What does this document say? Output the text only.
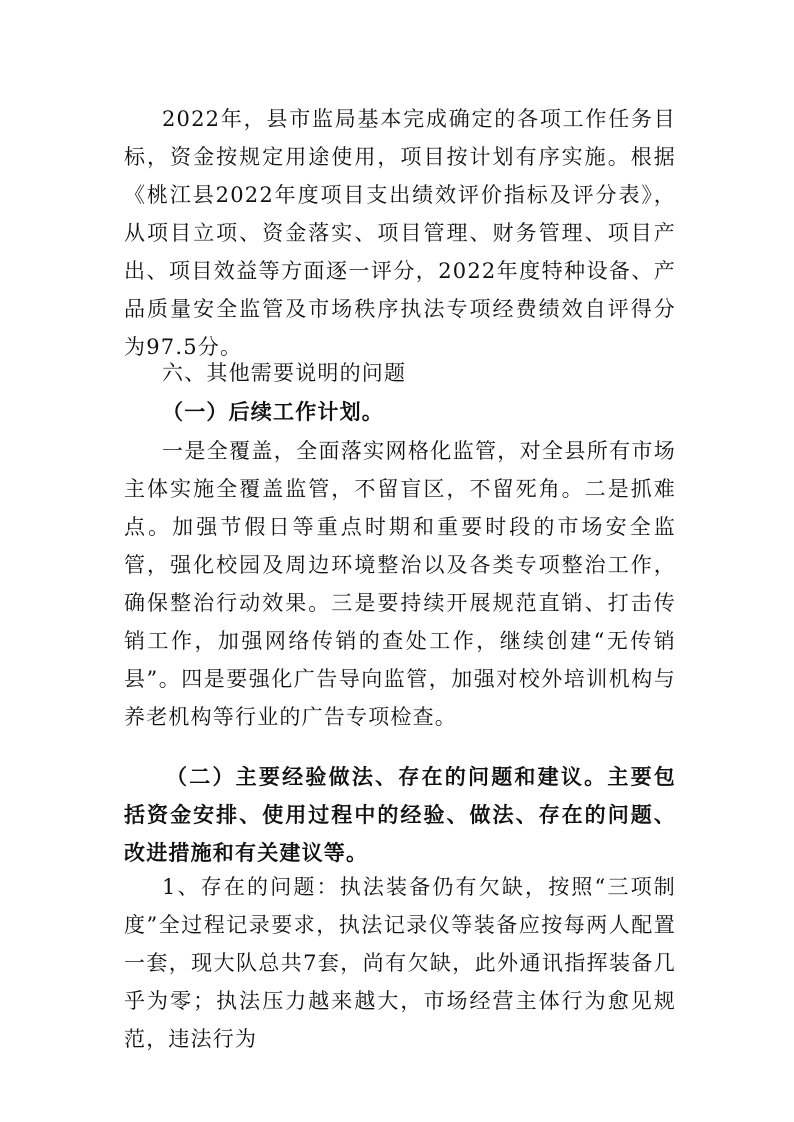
2022年，县市监局基本完成确定的各项工作任务目标，资金按规定用途使用，项目按计划有序实施。根据《桃江县2022年度项目支出绩效评价指标及评分表》，从项目立项、资金落实、项目管理、财务管理、项目产出、项目效益等方面逐一评分，2022年度特种设备、产品质量安全监管及市场秩序执法专项经费绩效自评得分为97.5分。

六、其他需要说明的问题

（一）后续工作计划。

一是全覆盖，全面落实网格化监管，对全县所有市场主体实施全覆盖监管，不留盲区，不留死角。二是抓难点。加强节假日等重点时期和重要时段的市场安全监管，强化校园及周边环境整治以及各类专项整治工作，确保整治行动效果。三是要持续开展规范直销、打击传销工作，加强网络传销的查处工作，继续创建“无传销县”。四是要强化广告导向监管，加强对校外培训机构与养老机构等行业的广告专项检查。

（二）主要经验做法、存在的问题和建议。主要包括资金安排、使用过程中的经验、做法、存在的问题、改进措施和有关建议等。

1、存在的问题：执法装备仍有欠缺，按照“三项制度”全过程记录要求，执法记录仪等装备应按每两人配置一套，现大队总共7套，尚有欠缺，此外通讯指挥装备几乎为零；执法压力越来越大，市场经营主体行为愈见规范，违法行为
